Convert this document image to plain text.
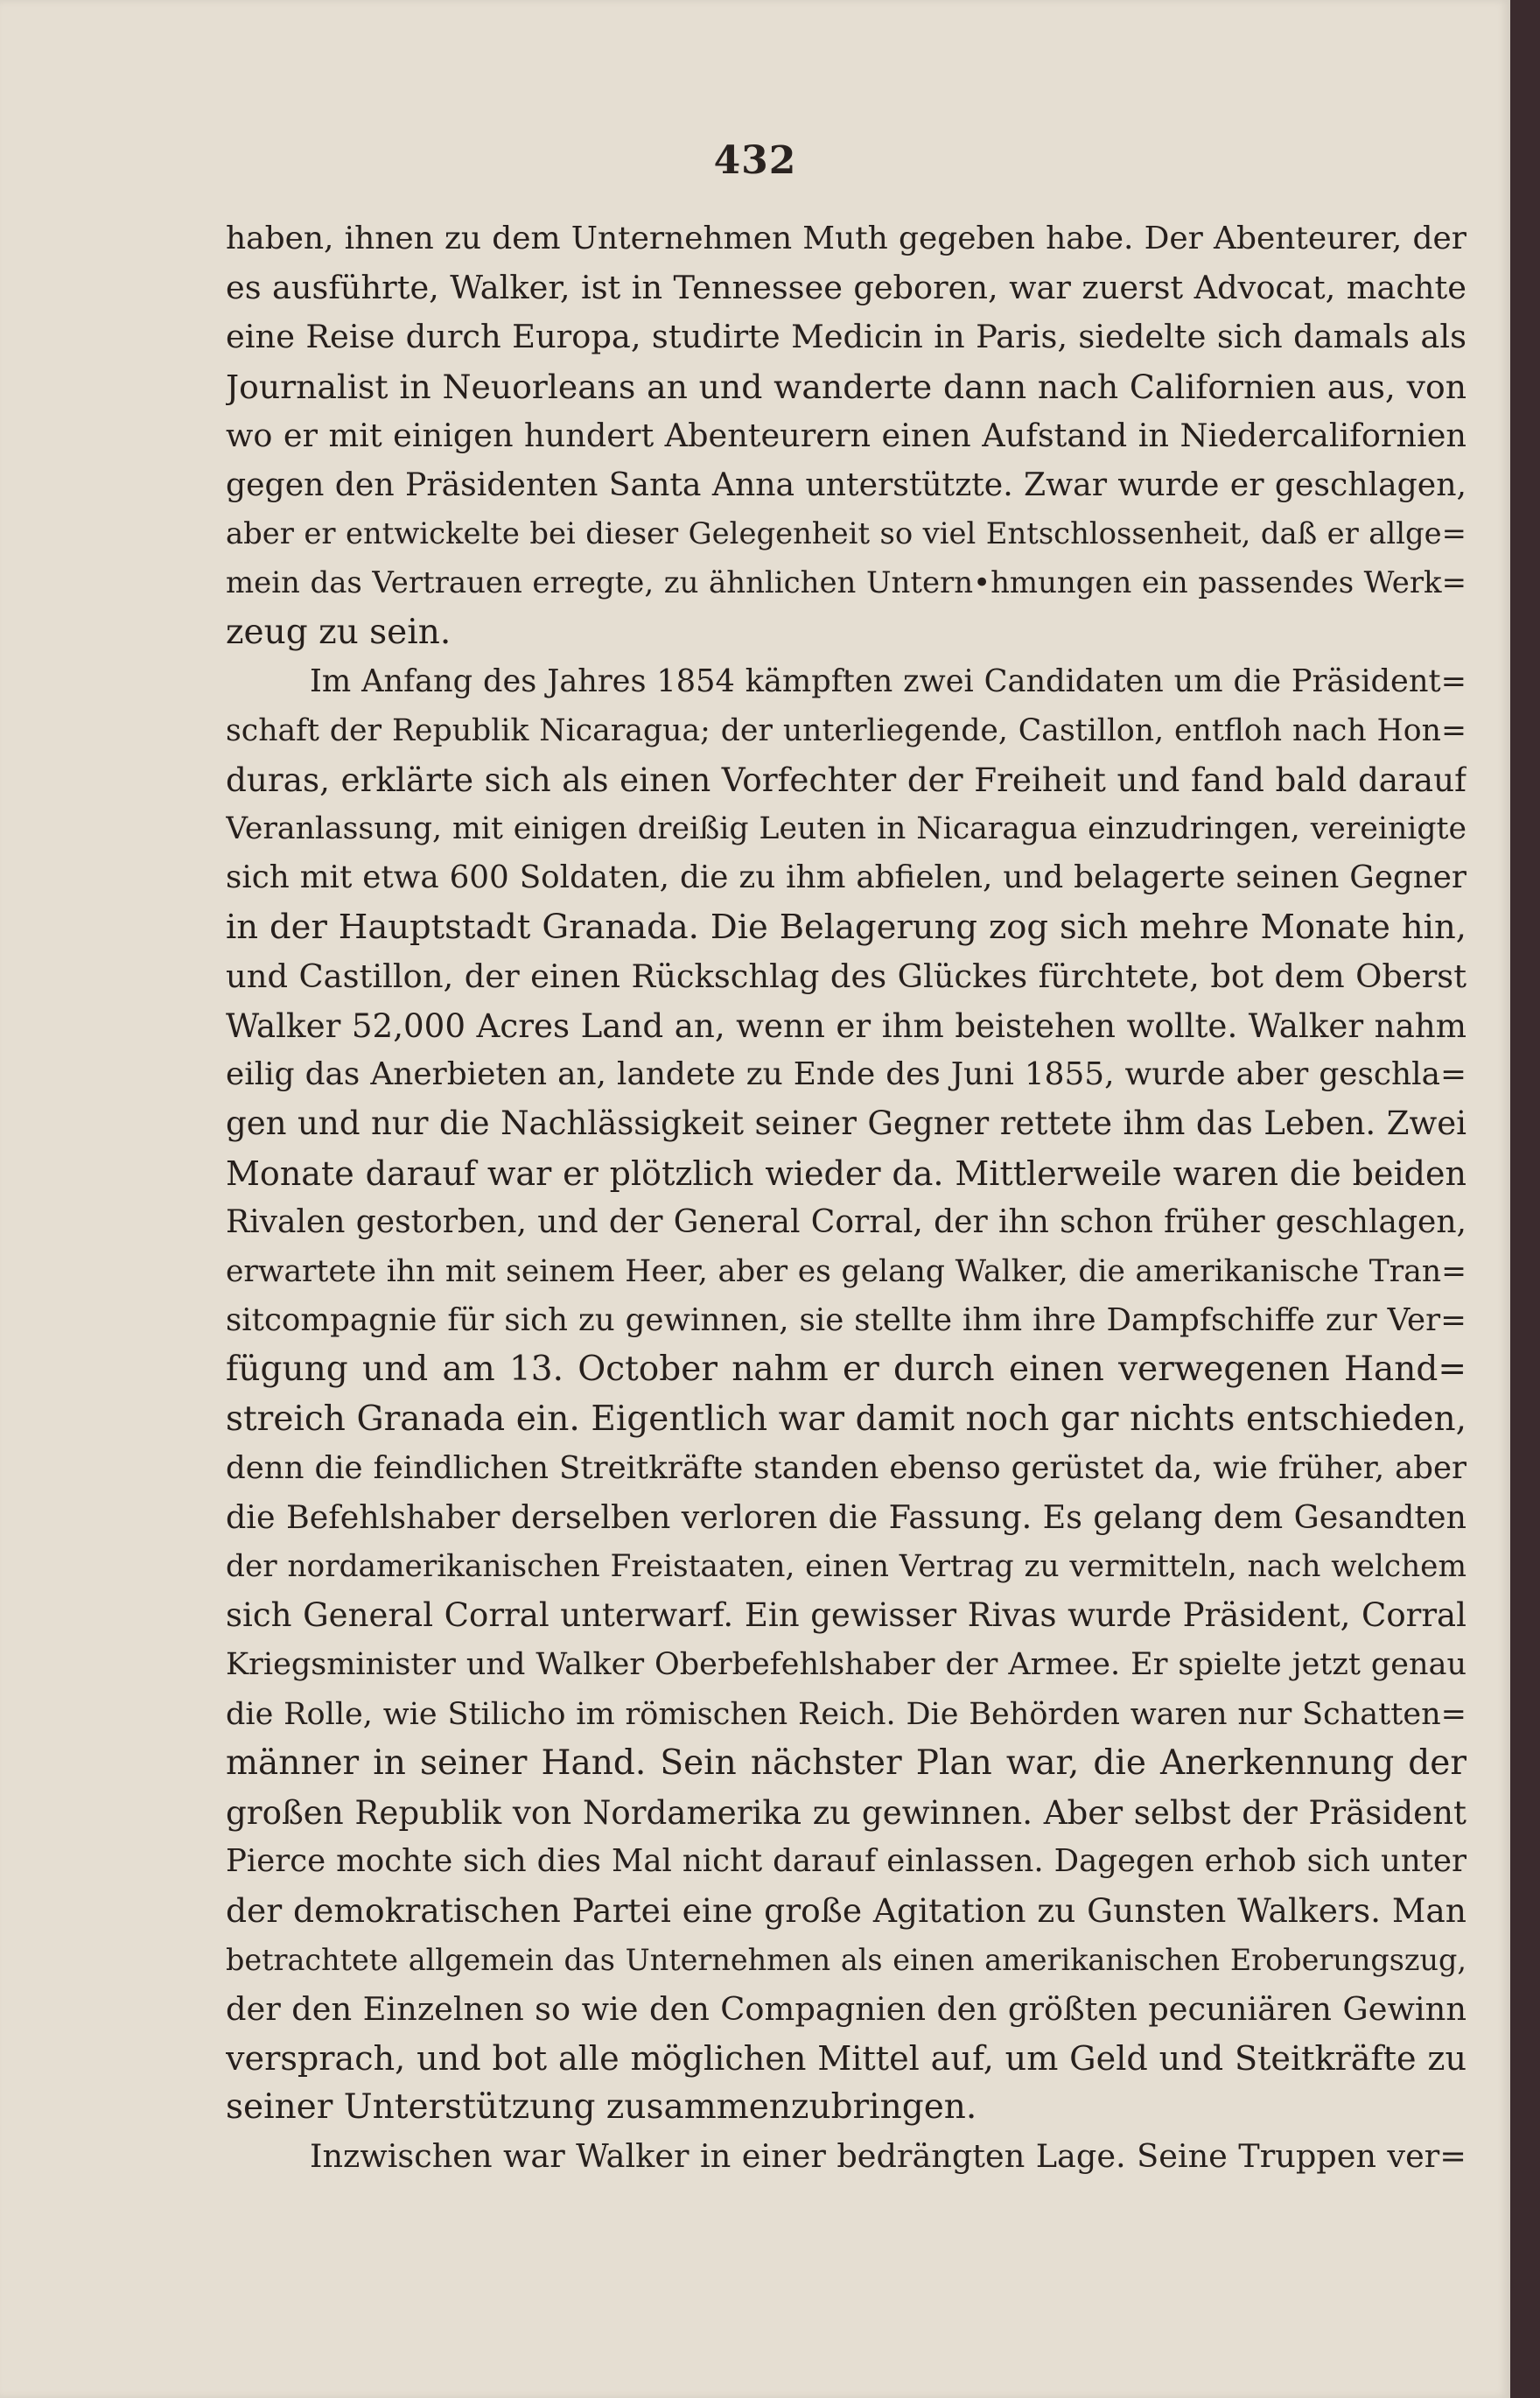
432
haben, ihnen zu dem Unternehmen Muth gegeben habe. Der Abenteurer, der
es ausführte, Walker, ist in Tennessee geboren, war zuerst Advocat, machte
eine Reise durch Europa, studirte Medicin in Paris, siedelte sich damals als
Journalist in Neuorleans an und wanderte dann nach Californien aus, von
wo er mit einigen hundert Abenteurern einen Aufstand in Niedercalifornien
gegen den Präsidenten Santa Anna unterstützte. Zwar wurde er geschlagen,
aber er entwickelte bei dieser Gelegenheit so viel Entschlossenheit, daß er allge=
mein das Vertrauen erregte, zu ähnlichen Untern•hmungen ein passendes Werk=
zeug zu sein.
Im Anfang des Jahres 1854 kämpften zwei Candidaten um die Präsident=
schaft der Republik Nicaragua; der unterliegende, Castillon, entfloh nach Hon=
duras, erklärte sich als einen Vorfechter der Freiheit und fand bald darauf
Veranlassung, mit einigen dreißig Leuten in Nicaragua einzudringen, vereinigte
sich mit etwa 600 Soldaten, die zu ihm abfielen, und belagerte seinen Gegner
in der Hauptstadt Granada. Die Belagerung zog sich mehre Monate hin,
und Castillon, der einen Rückschlag des Glückes fürchtete, bot dem Oberst
Walker 52,000 Acres Land an, wenn er ihm beistehen wollte. Walker nahm
eilig das Anerbieten an, landete zu Ende des Juni 1855, wurde aber geschla=
gen und nur die Nachlässigkeit seiner Gegner rettete ihm das Leben. Zwei
Monate darauf war er plötzlich wieder da. Mittlerweile waren die beiden
Rivalen gestorben, und der General Corral, der ihn schon früher geschlagen,
erwartete ihn mit seinem Heer, aber es gelang Walker, die amerikanische Tran=
sitcompagnie für sich zu gewinnen, sie stellte ihm ihre Dampfschiffe zur Ver=
fügung und am 13. October nahm er durch einen verwegenen Hand=
streich Granada ein. Eigentlich war damit noch gar nichts entschieden,
denn die feindlichen Streitkräfte standen ebenso gerüstet da, wie früher, aber
die Befehlshaber derselben verloren die Fassung. Es gelang dem Gesandten
der nordamerikanischen Freistaaten, einen Vertrag zu vermitteln, nach welchem
sich General Corral unterwarf. Ein gewisser Rivas wurde Präsident, Corral
Kriegsminister und Walker Oberbefehlshaber der Armee. Er spielte jetzt genau
die Rolle, wie Stilicho im römischen Reich. Die Behörden waren nur Schatten=
männer in seiner Hand. Sein nächster Plan war, die Anerkennung der
großen Republik von Nordamerika zu gewinnen. Aber selbst der Präsident
Pierce mochte sich dies Mal nicht darauf einlassen. Dagegen erhob sich unter
der demokratischen Partei eine große Agitation zu Gunsten Walkers. Man
betrachtete allgemein das Unternehmen als einen amerikanischen Eroberungszug,
der den Einzelnen so wie den Compagnien den größten pecuniären Gewinn
versprach, und bot alle möglichen Mittel auf, um Geld und Steitkräfte zu
seiner Unterstützung zusammenzubringen.
Inzwischen war Walker in einer bedrängten Lage. Seine Truppen ver=
